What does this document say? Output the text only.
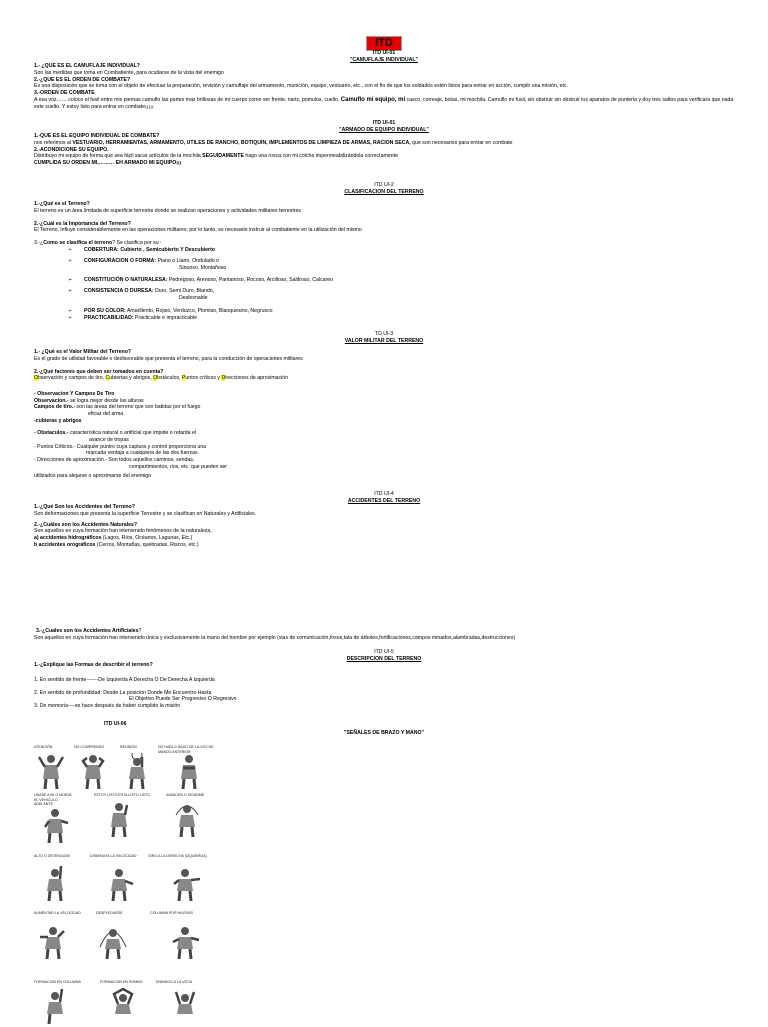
ITD
ITD UI-01
"CAMUFLAJE INDIVIDUAL"
1.- ¿QUE ES EL CAMUFLAJE INDIVIDUAL?
Son las medidas que toma en Combatiente, para ocultarse de la vista del enemigo
2.-¿QUE ES EL ORDEN DE COMBATE?
Es una disposición que se toma con el objeto de efectuar la preparación, revisión y camuflaje del armamento, munición, equipo, vestuario, etc., con el fin de que los soldados estén listos para entrar en acción, cumplir una misión, etc.
3.-ORDEN DE COMBATE
A esa voz…… coloco el fusil entre mis piernas camuflo las partes mas brillosas de mi cuerpo como ser frente, nariz, pomulos, cuello. Camuflo mi equipo, mi casco, correaje, botas, mi mochila. Camuflo mi fusil, sin obstruir sin obstruir los aparatos de punteria y doy tres saltos para verificara que nada este suelto. Y estoy listo para entrar en combate¡¡¡¡¡
ITD UI-01
"ARMADO DE EQUIPO INDIVIDUAL"
1.-QUE ES EL EQUIPO INDIVIDUAL DE COMBATE?
nos referimos al VESTUARIO, HERRAMIENTAS, ARMAMENTO, UTILES DE RANCHO, BOTIQUIN, IMPLEMENTOS DE LIMPIEZA DE ARMAS, RACION SECA, que son necesarios para entrar en combate
2.-ACONDICIONE SU EQUIPO.
Distribuyo mi equipo de forma que sea fácil sacar artículos de la mochila SEGUIDAMENTE hago una rosca con mi colcha impermeabilizándola correctamente
CUMPLIDA SU ORDEN MI,……… EH ARMADO MI EQUIPO¡¡¡
ITD UI-2
CLASIFICACION DEL TERRENO
1.-¿Qué es el Terreno?
El terreno es un área limitada de superficie terrestre donde se realizan operaciones y actividades militares terrestres
2.-¿Cuál es la Importancia del Terreno?
El Terreno, influye considerablemente en las operaciones militares; por lo tanto, es necesario instruir al combatiente en la utilización del mismo
3.-¿Como se clasifica el terreno? Se clasifica por su :
➢ COBERTURA: Cubierto , Semicubierto Y Descubierto
➢ CONFIGURACION O FORMA: Plano o Llano, Ondulado o
Sinuoso, Montañoso
➢ CONSTITUCIÓN O NATURALESA: Pedregoso, Arenoso, Pantanoso, Rocoso, Arcilloso, Salitroso, Calcareo
➢ CONSISTENCIA O DURESA: Duro, Semi Duro, Blando,
Deslesnable
➢ POR SU COLOR: Amarillento, Rojiso, Verduzco, Plomiso, Blanquesino, Negrusco
➢ PRACTICABILIDAD: Practicable e impracticable
TD UI-3
VALOR MILITAR DEL TERRENO
1.- ¿Qué es el Valor Militar del Terreno?
Es el grado de utilidad favorable o desfavorable que presenta el terreno, para la conducción de operaciones militares
2.-¿Qué factores que deben ser tomados en cuenta?
Observación y campos de tiro, Cubiertas y abrigos, Obstáculos, Puntos críticos y Direcciones de aproximación
- Observacion Y Campos De Tiro
Observacion.- se logra mejor desde las alturas
Campos de tiro.- son las áreas del terreno que son batidas por el fuego
eficaz del arma
-cubieras y abrigos
- Obstaculos.- característica natural o artificial que impide o retarda el
avance de tropas
- Puntos Criticos.- Cualquier puntro cuya captura y control proporciona una
marcada ventaja a cualquiera de las dos fuerzas
- Direcciones de aproximación.- Son todos aquellos caminos, sendas,
compartimientos, rios, etc. que pueden ser
utilizados para alejarse o aproximarse del enemigo
ITD UI-4
ACCIDENTES DEL TERRENO
1.-¿Qué Son los Accidentes del Terreno?
Son deformaciones que presenta la superficie Terrestre y se clasifican en Naturales y Artificiales.
2.-¿Cuáles son los Accidentes Naturales?
Son aquellos en cuya formación han intervenido fenómenos de la naturaleza,
a) accidentes hidrográficos (Lagos, Ríos, Océanos, Lagunas, Etc.)
b accidentes orográficos (Cerros, Montañas, quebradas, Riscos, etc.)
3.-¿Cuales son los Accidentes Artificiales?
Son aquellos en cuya formación han intervenido única y exclusivamente la mano del hombre por ejemplo (vias de comunicación,fosos,tala de árboles,fortificaciones,campos minados,alambradas,destrucciones)
ITD UI-5
DESCRIPCION DEL TERRENO
1.-¿Explique las Formas de describir el terreno?
1. En sentido de frente-------De Izquierda A Derecha O De Derecha A Izquierda
2. En sentido de profundidad: Desde La posicion Donde Me Encuentro Hasta
El Objetivo Puede Ser Progresivo O Regresivo
3. De memoria----se hace después de haber cumplido la misión
ITD UI-06
"SEÑALES DE BRAZO Y MANO"
ATENCIÓN	NO COMPRENDO	REUNIÓN	NO HABLO DADO DE LA VOZ DE MANDO ANTERIOR
UNASE A MI O MUEVA EL VEHICULO ADELANTE
ESTOY LISTO ESTA LISTO LISTO	AVANCEN O SIGANME
ALTO O DETENGASE	DISMINUYA LA VELOCIDAD	GIRO A LA DERECHA (IZQUIERDA)
AUMENTAR LA VELOCIDAD	DESPLEGARSE	COLUMNA POR HILERAS
FORMACION EN COLUMNA	FORMACION EN ROMBO	ENEMIGO A LA VISTA
